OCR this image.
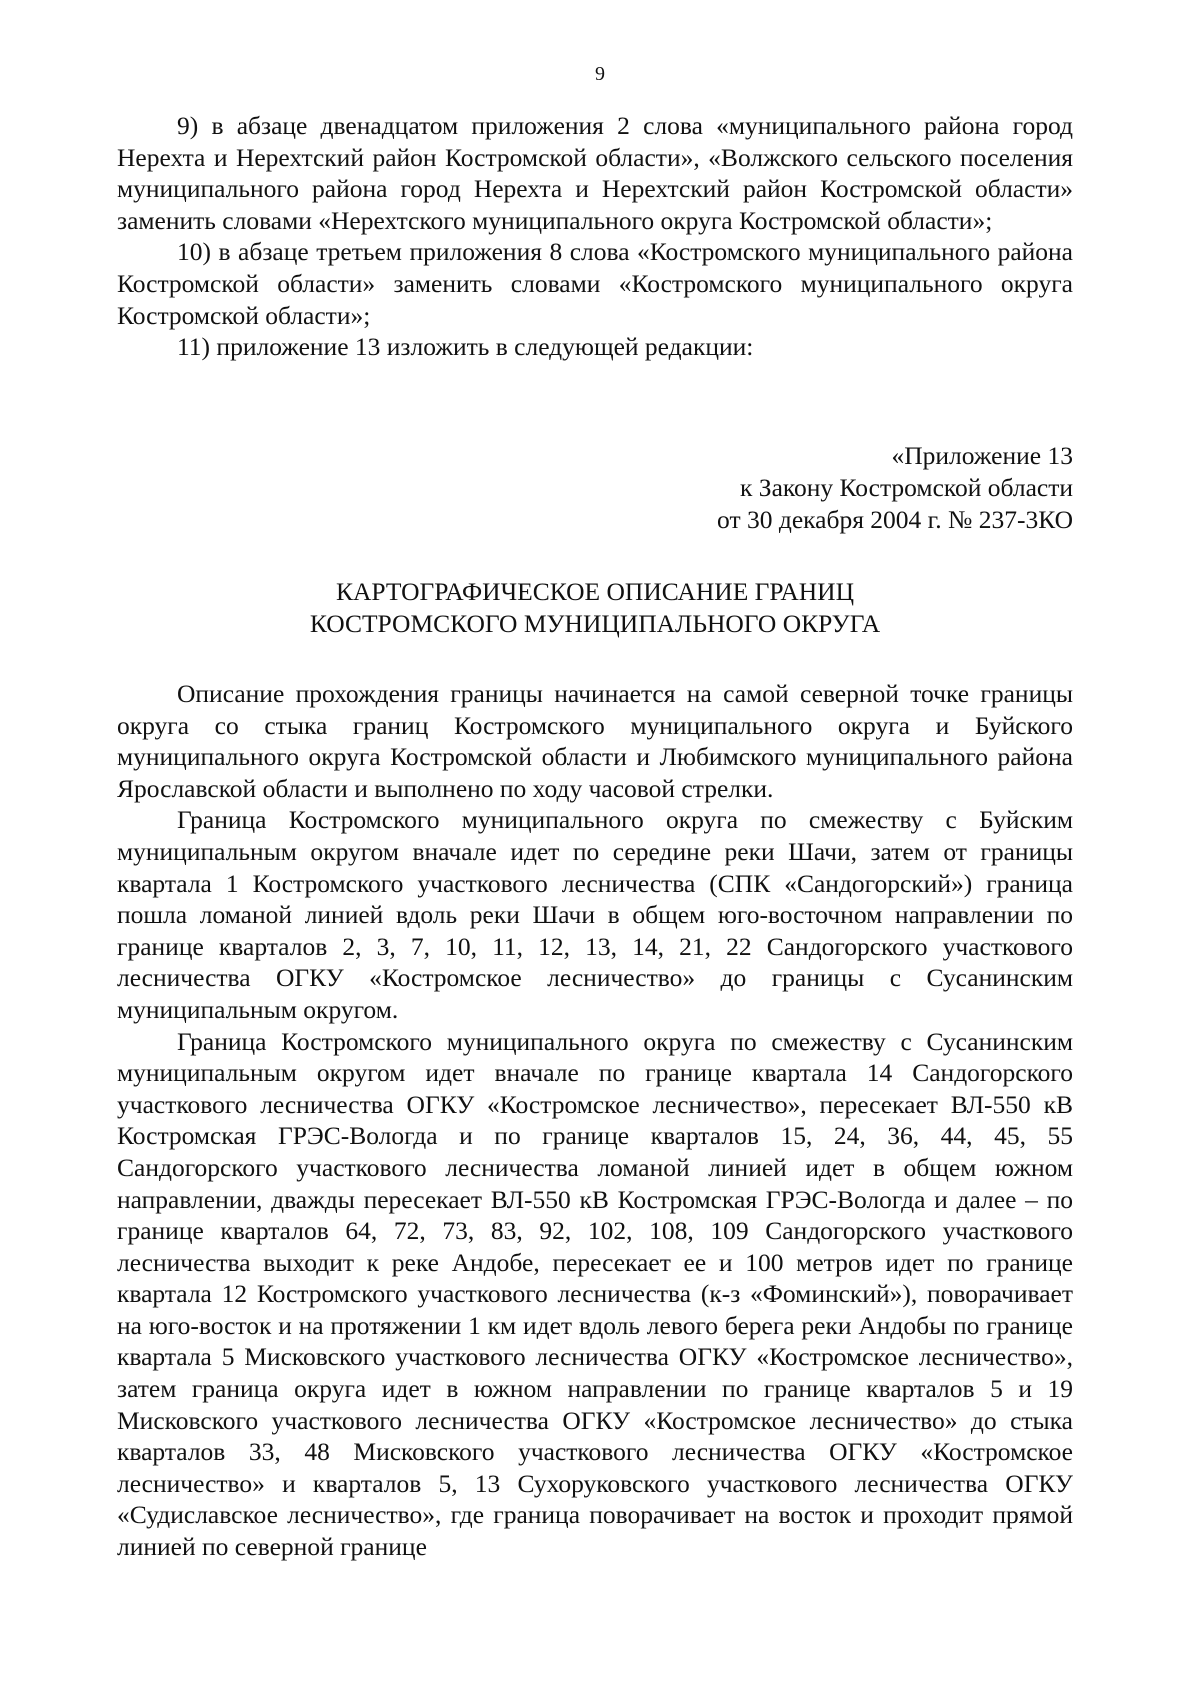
9

9) в абзаце двенадцатом приложения 2 слова «муниципального района город Нерехта и Нерехтский район Костромской области», «Волжского сельского поселения муниципального района город Нерехта и Нерехтский район Костромской области» заменить словами «Нерехтского муниципального округа Костромской области»;

10) в абзаце третьем приложения 8 слова «Костромского муниципального района Костромской области» заменить словами «Костромского муниципального округа Костромской области»;

11) приложение 13 изложить в следующей редакции:

«Приложение 13
к Закону Костромской области
от 30 декабря 2004 г. № 237-3КО
КАРТОГРАФИЧЕСКОЕ ОПИСАНИЕ ГРАНИЦ
КОСТРОМСКОГО МУНИЦИПАЛЬНОГО ОКРУГА

Описание прохождения границы начинается на самой северной точке границы округа со стыка границ Костромского муниципального округа и Буйского муниципального округа Костромской области и Любимского муниципального района Ярославской области и выполнено по ходу часовой стрелки.

Граница Костромского муниципального округа по смежеству с Буйским муниципальным округом вначале идет по середине реки Шачи, затем от границы квартала 1 Костромского участкового лесничества (СПК «Сандогорский») граница пошла ломаной линией вдоль реки Шачи в общем юго-восточном направлении по границе кварталов 2, 3, 7, 10, 11, 12, 13, 14, 21, 22 Сандогорского участкового лесничества ОГКУ «Костромское лесничество» до границы с Сусанинским муниципальным округом.

Граница Костромского муниципального округа по смежеству с Сусанинским муниципальным округом идет вначале по границе квартала 14 Сандогорского участкового лесничества ОГКУ «Костромское лесничество», пересекает ВЛ-550 кВ Костромская ГРЭС-Вологда и по границе кварталов 15, 24, 36, 44, 45, 55 Сандогорского участкового лесничества ломаной линией идет в общем южном направлении, дважды пересекает ВЛ-550 кВ Костромская ГРЭС-Вологда и далее – по границе кварталов 64, 72, 73, 83, 92, 102, 108, 109 Сандогорского участкового лесничества выходит к реке Андобе, пересекает ее и 100 метров идет по границе квартала 12 Костромского участкового лесничества (к-з «Фоминский»), поворачивает на юго-восток и на протяжении 1 км идет вдоль левого берега реки Андобы по границе квартала 5 Мисковского участкового лесничества ОГКУ «Костромское лесничество», затем граница округа идет в южном направлении по границе кварталов 5 и 19 Мисковского участкового лесничества ОГКУ «Костромское лесничество» до стыка кварталов 33, 48 Мисковского участкового лесничества ОГКУ «Костромское лесничество» и кварталов 5, 13 Сухоруковского участкового лесничества ОГКУ «Судиславское лесничество», где граница поворачивает на восток и проходит прямой линией по северной границе
